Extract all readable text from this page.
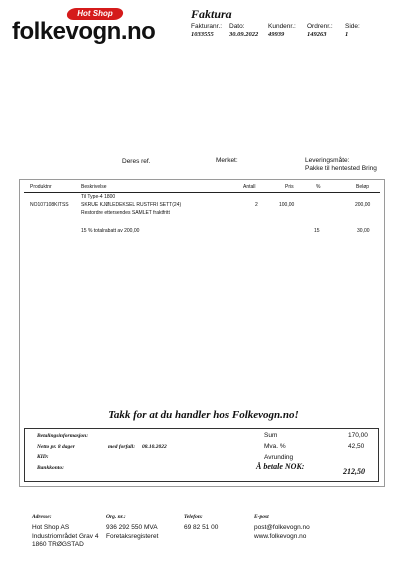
Hot Shop
folkevogn.no
Faktura
Fakturanr.:
1033555
Dato:
30.09.2022
Kundenr.:
49939
Ordrenr.:
149263
Side:
1
Deres ref.	Merket:	Leveringsmåte:
Pakke til hentested Bring
Produktnr	Beskrivelse	Antall	Pris	%	Beløp
Til Type-4 1800
NO107108KITSS SKRUE KJØLEDEKSEL RUSTFRI SETT(24)	2	100,00	200,00
Restordre ettersendes SAMLET fraktfritt
15 % totalrabatt av 200,00	15	30,00
Takk for at du handler hos Folkevogn.no!
Betalingsinformasjon:
Netto pr. 8 dager	med forfall: 08.10.2022
KID:
Bankkonto:
Sum	170,00
Mva. %	42,50
Avrunding
Å betale NOK:
212,50
Adresse:
Hot Shop AS
Industriområdet Grav 4
1860 TRØGSTAD
Org. nr.:
936 292 550 MVA
Foretaksregisteret
Telefon:
69 82 51 00
E-post
post@folkevogn.no
www.folkevogn.no
